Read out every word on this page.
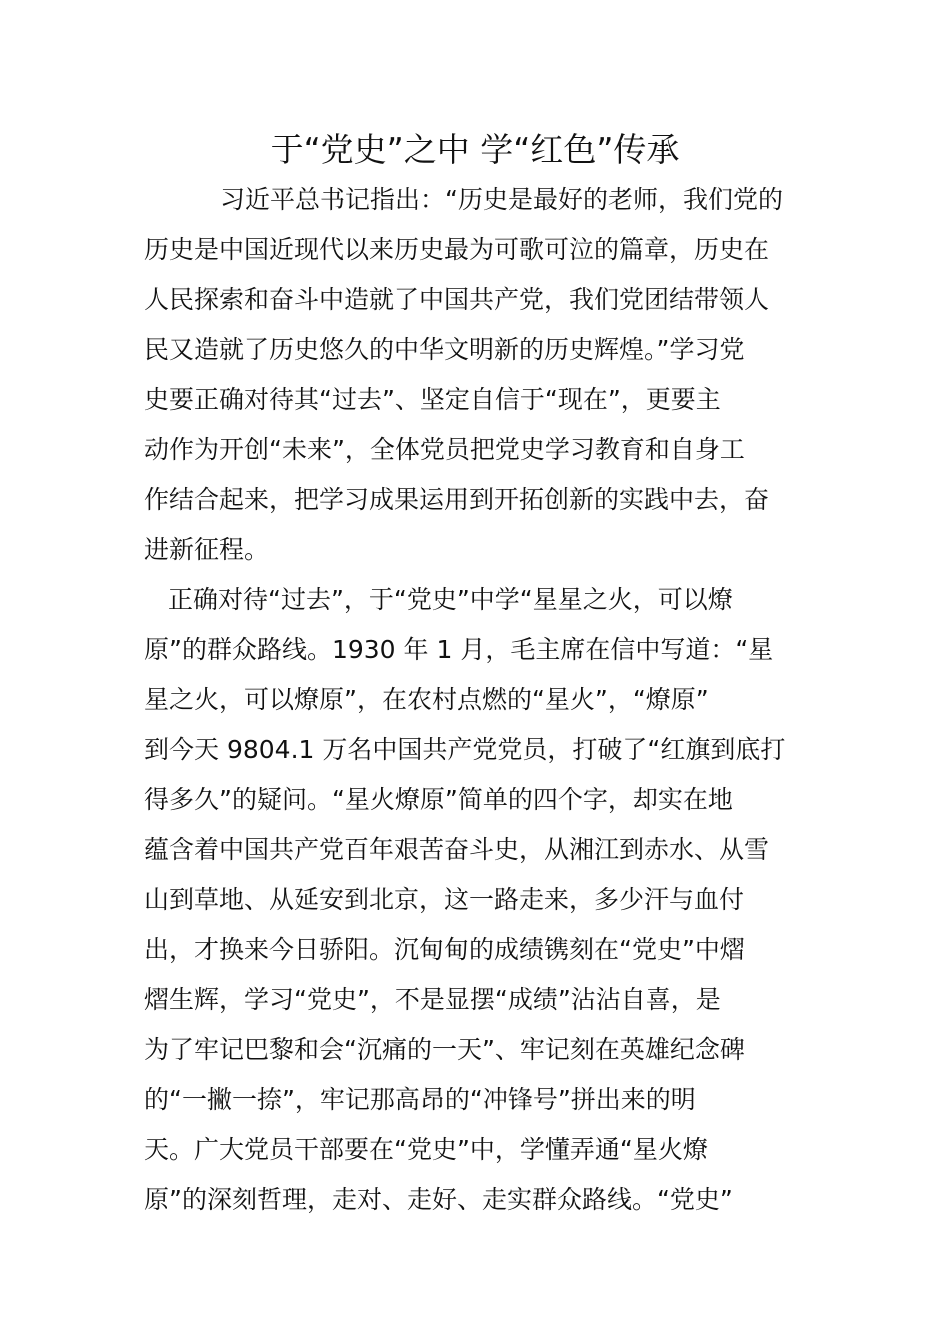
于“党史”之中 学“红色”传承
习近平总书记指出：“历史是最好的老师，我们党的
历史是中国近现代以来历史最为可歌可泣的篇章，历史在
人民探索和奋斗中造就了中国共产党，我们党团结带领人
民又造就了历史悠久的中华文明新的历史辉煌。”学习党
史要正确对待其“过去”、坚定自信于“现在”，更要主
动作为开创“未来”，全体党员把党史学习教育和自身工
作结合起来，把学习成果运用到开拓创新的实践中去，奋
进新征程。
正确对待“过去”，于“党史”中学“星星之火，可以燎
原”的群众路线。1930 年 1 月，毛主席在信中写道：“星
星之火，可以燎原”，在农村点燃的“星火”，“燎原”
到今天 9804.1 万名中国共产党党员，打破了“红旗到底打
得多久”的疑问。“星火燎原”简单的四个字，却实在地
蕴含着中国共产党百年艰苦奋斗史，从湘江到赤水、从雪
山到草地、从延安到北京，这一路走来，多少汗与血付
出，才换来今日骄阳。沉甸甸的成绩镌刻在“党史”中熠
熠生辉，学习“党史”，不是显摆“成绩”沾沾自喜，是
为了牢记巴黎和会“沉痛的一天”、牢记刻在英雄纪念碑
的“一撇一捺”，牢记那高昂的“冲锋号”拼出来的明
天。广大党员干部要在“党史”中，学懂弄通“星火燎
原”的深刻哲理，走对、走好、走实群众路线。“党史”
